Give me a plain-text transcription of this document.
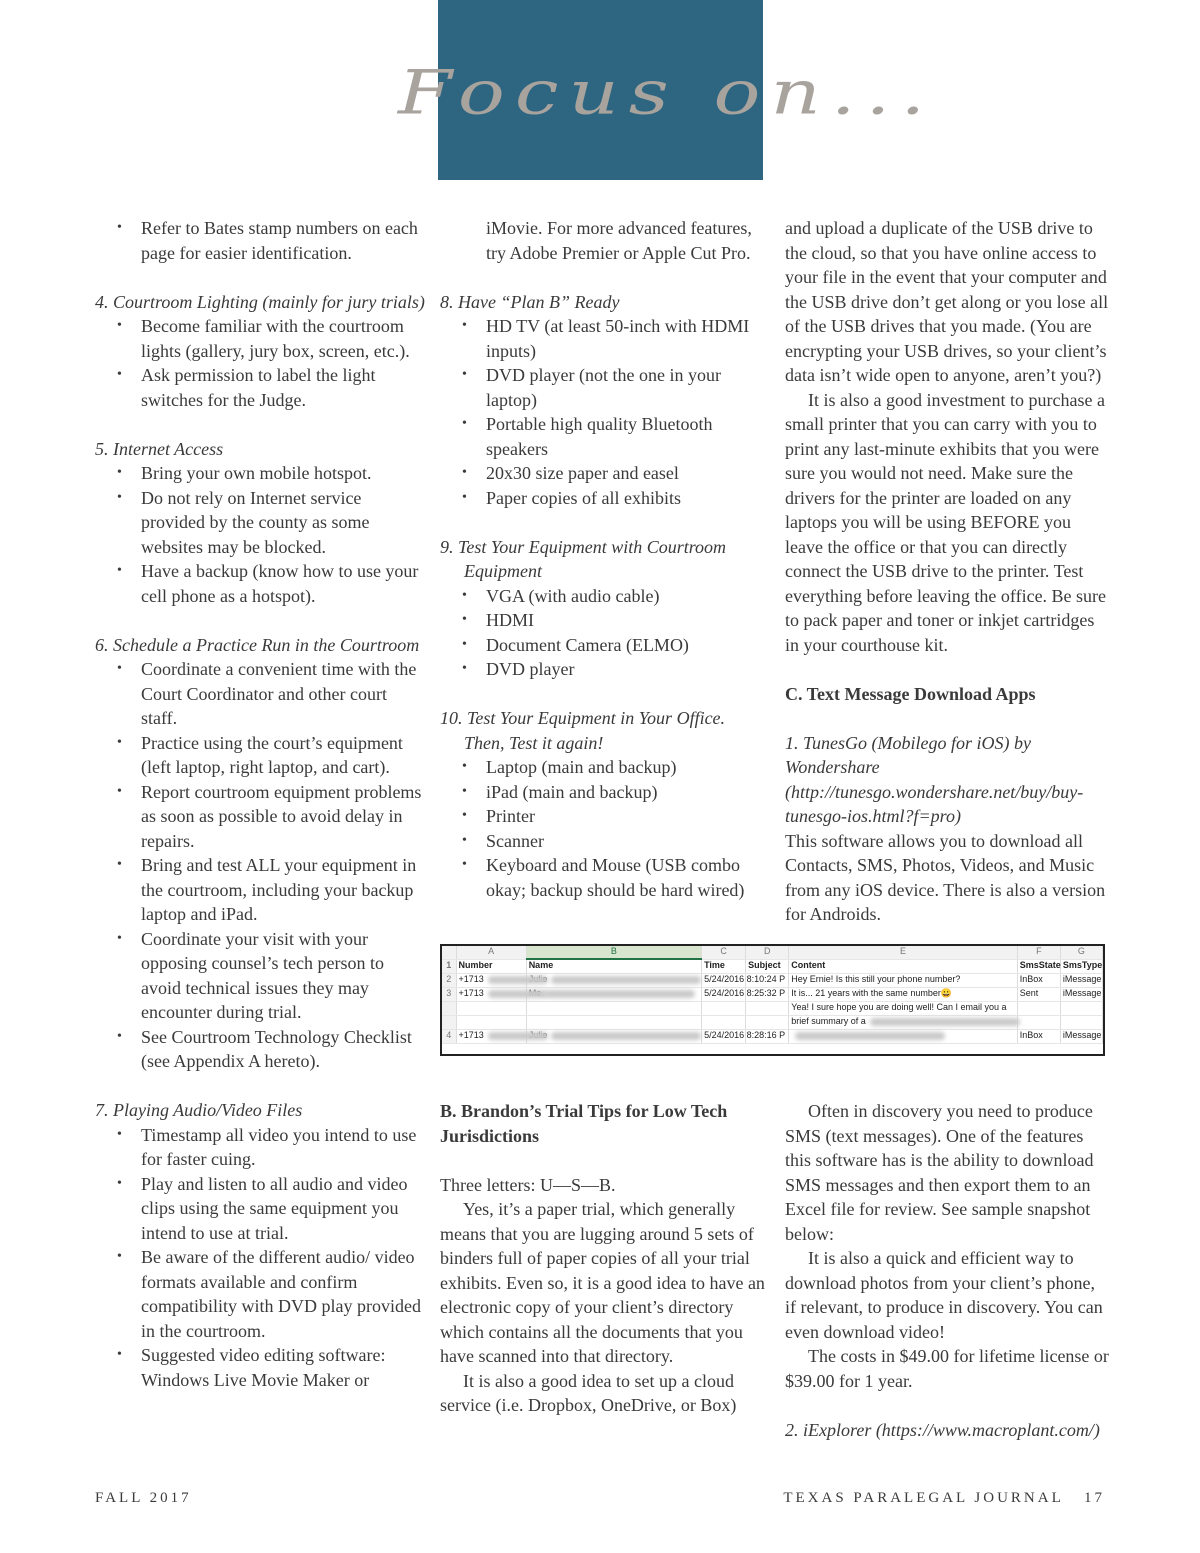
Focus on...
• Refer to Bates stamp numbers on each page for easier identification.

4. Courtroom Lighting (mainly for jury trials)

• Become familiar with the courtroom lights (gallery, jury box, screen, etc.).
• Ask permission to label the light switches for the Judge.

5. Internet Access

• Bring your own mobile hotspot.
• Do not rely on Internet service provided by the county as some websites may be blocked.
• Have a backup (know how to use your cell phone as a hotspot).

6. Schedule a Practice Run in the Courtroom

• Coordinate a convenient time with the Court Coordinator and other court staff.
• Practice using the court’s equipment (left laptop, right laptop, and cart).
• Report courtroom equipment problems as soon as possible to avoid delay in repairs.
• Bring and test ALL your equipment in the courtroom, including your backup laptop and iPad.
• Coordinate your visit with your opposing counsel’s tech person to avoid technical issues they may encounter during trial.
• See Courtroom Technology Checklist (see Appendix A hereto).

7. Playing Audio/Video Files

• Timestamp all video you intend to use for faster cuing.
• Play and listen to all audio and video clips using the same equipment you intend to use at trial.
• Be aware of the different audio/ video formats available and confirm compatibility with DVD play provided in the courtroom.
• Suggested video editing software: Windows Live Movie Maker or

iMovie. For more advanced features, try Adobe Premier or Apple Cut Pro.

8. Have “Plan B” Ready

• HD TV (at least 50-inch with HDMI inputs)
• DVD player (not the one in your laptop)
• Portable high quality Bluetooth speakers
• 20x30 size paper and easel
• Paper copies of all exhibits

9. Test Your Equipment with Courtroom Equipment

• VGA (with audio cable)
• HDMI
• Document Camera (ELMO)
• DVD player

10. Test Your Equipment in Your Office. Then, Test it again!

• Laptop (main and backup)
• iPad (main and backup)
• Printer
• Scanner
• Keyboard and Mouse (USB combo okay; backup should be hard wired)

and upload a duplicate of the USB drive to the cloud, so that you have online access to your file in the event that your computer and the USB drive don’t get along or you lose all of the USB drives that you made. (You are encrypting your USB drives, so your client’s data isn’t wide open to anyone, aren’t you?)

It is also a good investment to purchase a small printer that you can carry with you to print any last-minute exhibits that you were sure you would not need. Make sure the drivers for the printer are loaded on any laptops you will be using BEFORE you leave the office or that you can directly connect the USB drive to the printer. Test everything before leaving the office. Be sure to pack paper and toner or inkjet cartridges in your courthouse kit.

C. Text Message Download Apps

1. TunesGo (Mobilego for iOS) by Wondershare (http://tunesgo.wondershare.net/buy/buy-tunesgo-ios.html?f=pro)

This software allows you to download all Contacts, SMS, Photos, Videos, and Music from any iOS device. There is also a version for Androids.

	A	B	C	D	E	F	G
1	Number	Name	Time	Subject	Content	SmsState	SmsType
2	+1713		5/24/2016 8:10:24 P		Hey Ernie! Is this still your phone number?	InBox	iMessage
3	+1713		5/24/2016 8:25:32 P		It is... 21 years with the same number😀	Sent	iMessage
					Yea! I sure hope you are doing well! Can I email you a		
					brief summary of a		
4	+1713		5/24/2016 8:28:16 P			InBox	iMessage

B. Brandon’s Trial Tips for Low Tech Jurisdictions

Three letters: U—S—B.

Yes, it’s a paper trial, which generally means that you are lugging around 5 sets of binders full of paper copies of all your trial exhibits. Even so, it is a good idea to have an electronic copy of your client’s directory which contains all the documents that you have scanned into that directory.

It is also a good idea to set up a cloud service (i.e. Dropbox, OneDrive, or Box)

Often in discovery you need to produce SMS (text messages). One of the features this software has is the ability to download SMS messages and then export them to an Excel file for review. See sample snapshot below:

It is also a quick and efficient way to download photos from your client’s phone, if relevant, to produce in discovery. You can even download video!

The costs in $49.00 for lifetime license or $39.00 for 1 year.

2. iExplorer (https://www.macroplant.com/)

FALL 2017	TEXAS PARALEGAL JOURNAL 17
